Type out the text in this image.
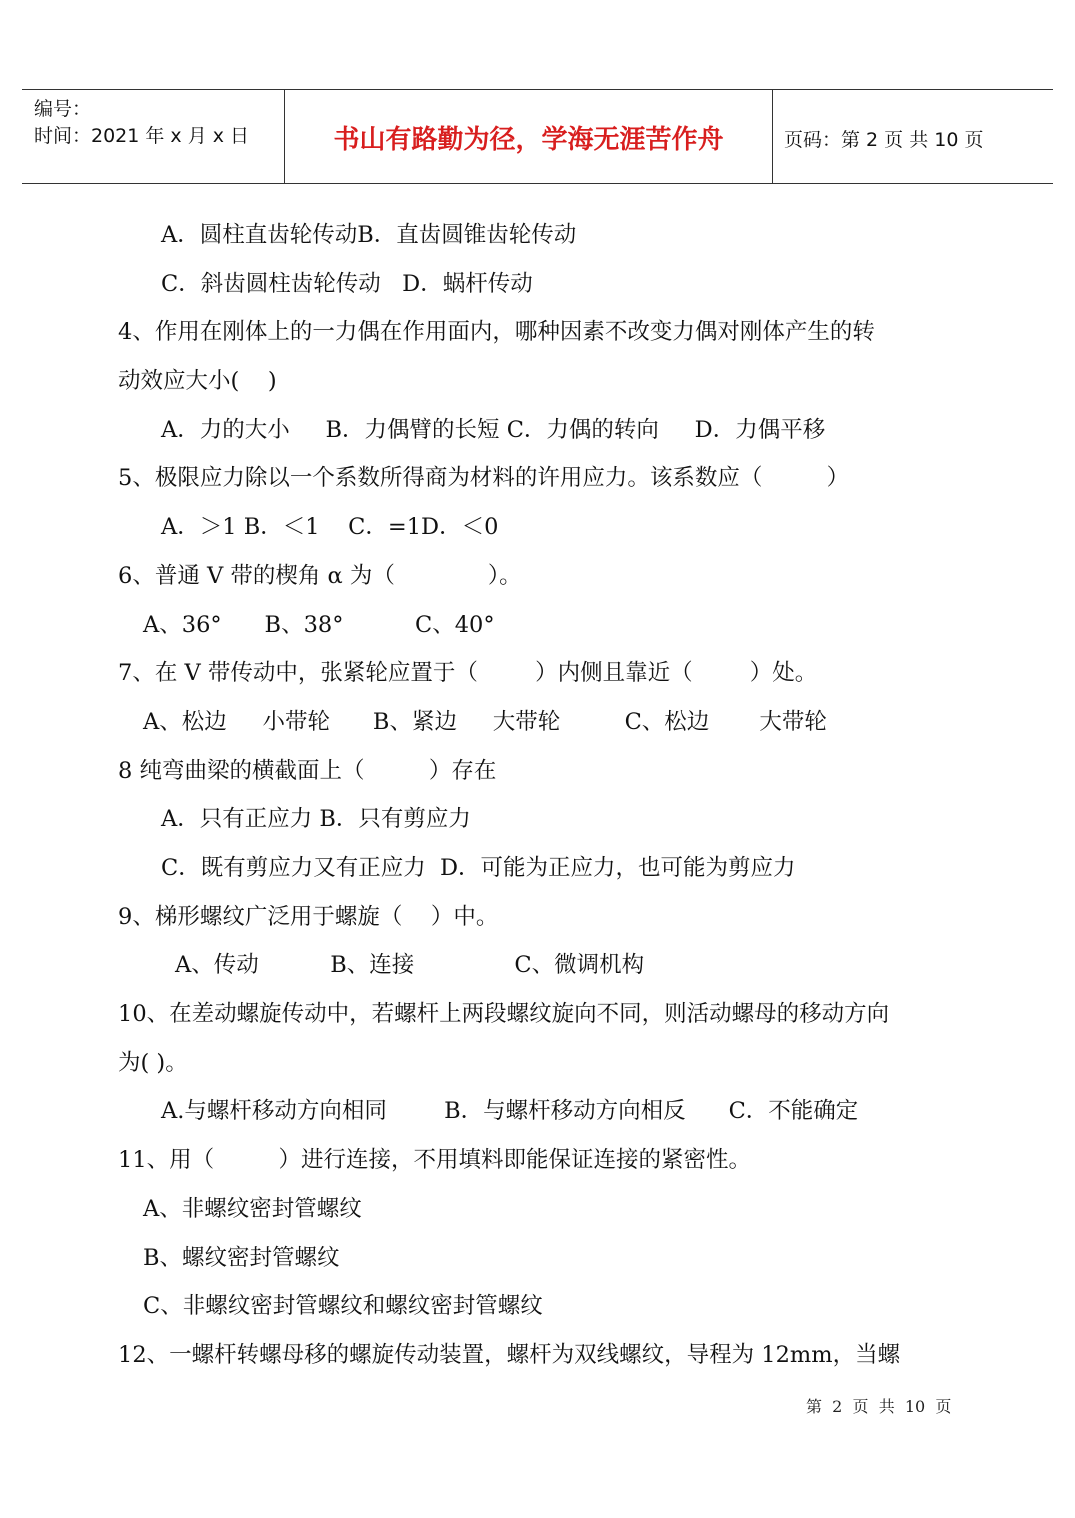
编号：
时间：2021 年 x 月 x 日	书山有路勤为径，学海无涯苦作舟	页码：第 2 页 共 10 页
A．圆柱直齿轮传动B．直齿圆锥齿轮传动
C．斜齿圆柱齿轮传动   D．蜗杆传动
4、作用在刚体上的一力偶在作用面内，哪种因素不改变力偶对刚体产生的转
动效应大小(    )
A．力的大小     B．力偶臂的长短 C．力偶的转向     D．力偶平移
5、极限应力除以一个系数所得商为材料的许用应力。该系数应（         ）
A．＞1 B．＜1    C．=1D．＜0
6、普通 V 带的楔角 α 为（             ）。
A、36°      B、38°          C、40°
7、在 V 带传动中，张紧轮应置于（        ）内侧且靠近（        ）处。
A、松边     小带轮      B、紧边     大带轮         C、松边       大带轮
8 纯弯曲梁的横截面上（         ）存在
A．只有正应力 B．只有剪应力
C．既有剪应力又有正应力  D．可能为正应力，也可能为剪应力
9、梯形螺纹广泛用于螺旋（    ）中。
A、传动          B、连接              C、微调机构
10、在差动螺旋传动中，若螺杆上两段螺纹旋向不同，则活动螺母的移动方向
为( )。
A.与螺杆移动方向相同        B．与螺杆移动方向相反      C．不能确定
11、用（         ）进行连接，不用填料即能保证连接的紧密性。
A、非螺纹密封管螺纹
B、螺纹密封管螺纹
C、非螺纹密封管螺纹和螺纹密封管螺纹
12、一螺杆转螺母移的螺旋传动装置，螺杆为双线螺纹，导程为 12mm，当螺
第  2  页  共  10  页
